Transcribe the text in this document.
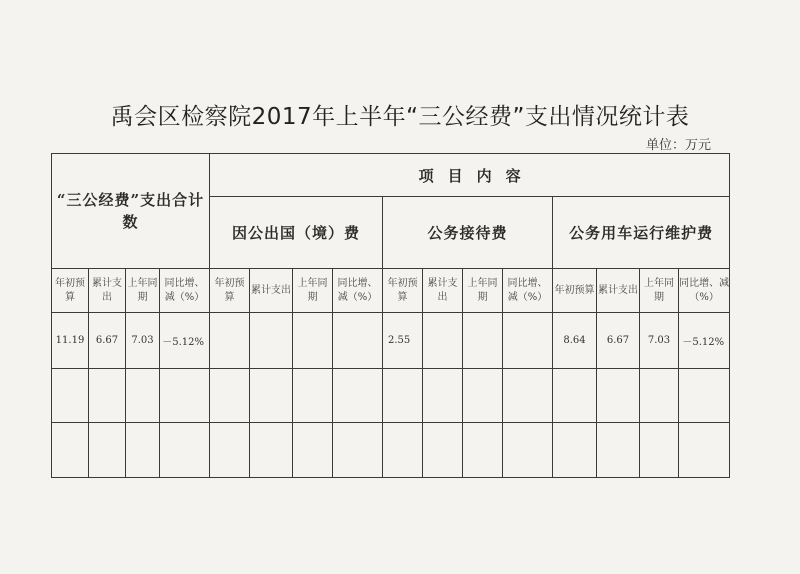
禹会区检察院2017年上半年“三公经费”支出情况统计表
单位：万元
“三公经费”支出合计数				项目内容											
				因公出国（境）费				公务接待费				公务用车运行维护费			
年初预算	累计支出	上年同期	同比增、减（%）	年初预算	累计支出	上年同期	同比增、减（%）	年初预算	累计支出	上年同期	同比增、减（%）	年初预算	累计支出	上年同期	同比增、减（%）
11.19	6.67	7.03	－5.12%					2.55				8.64	6.67	7.03	－5.12%
